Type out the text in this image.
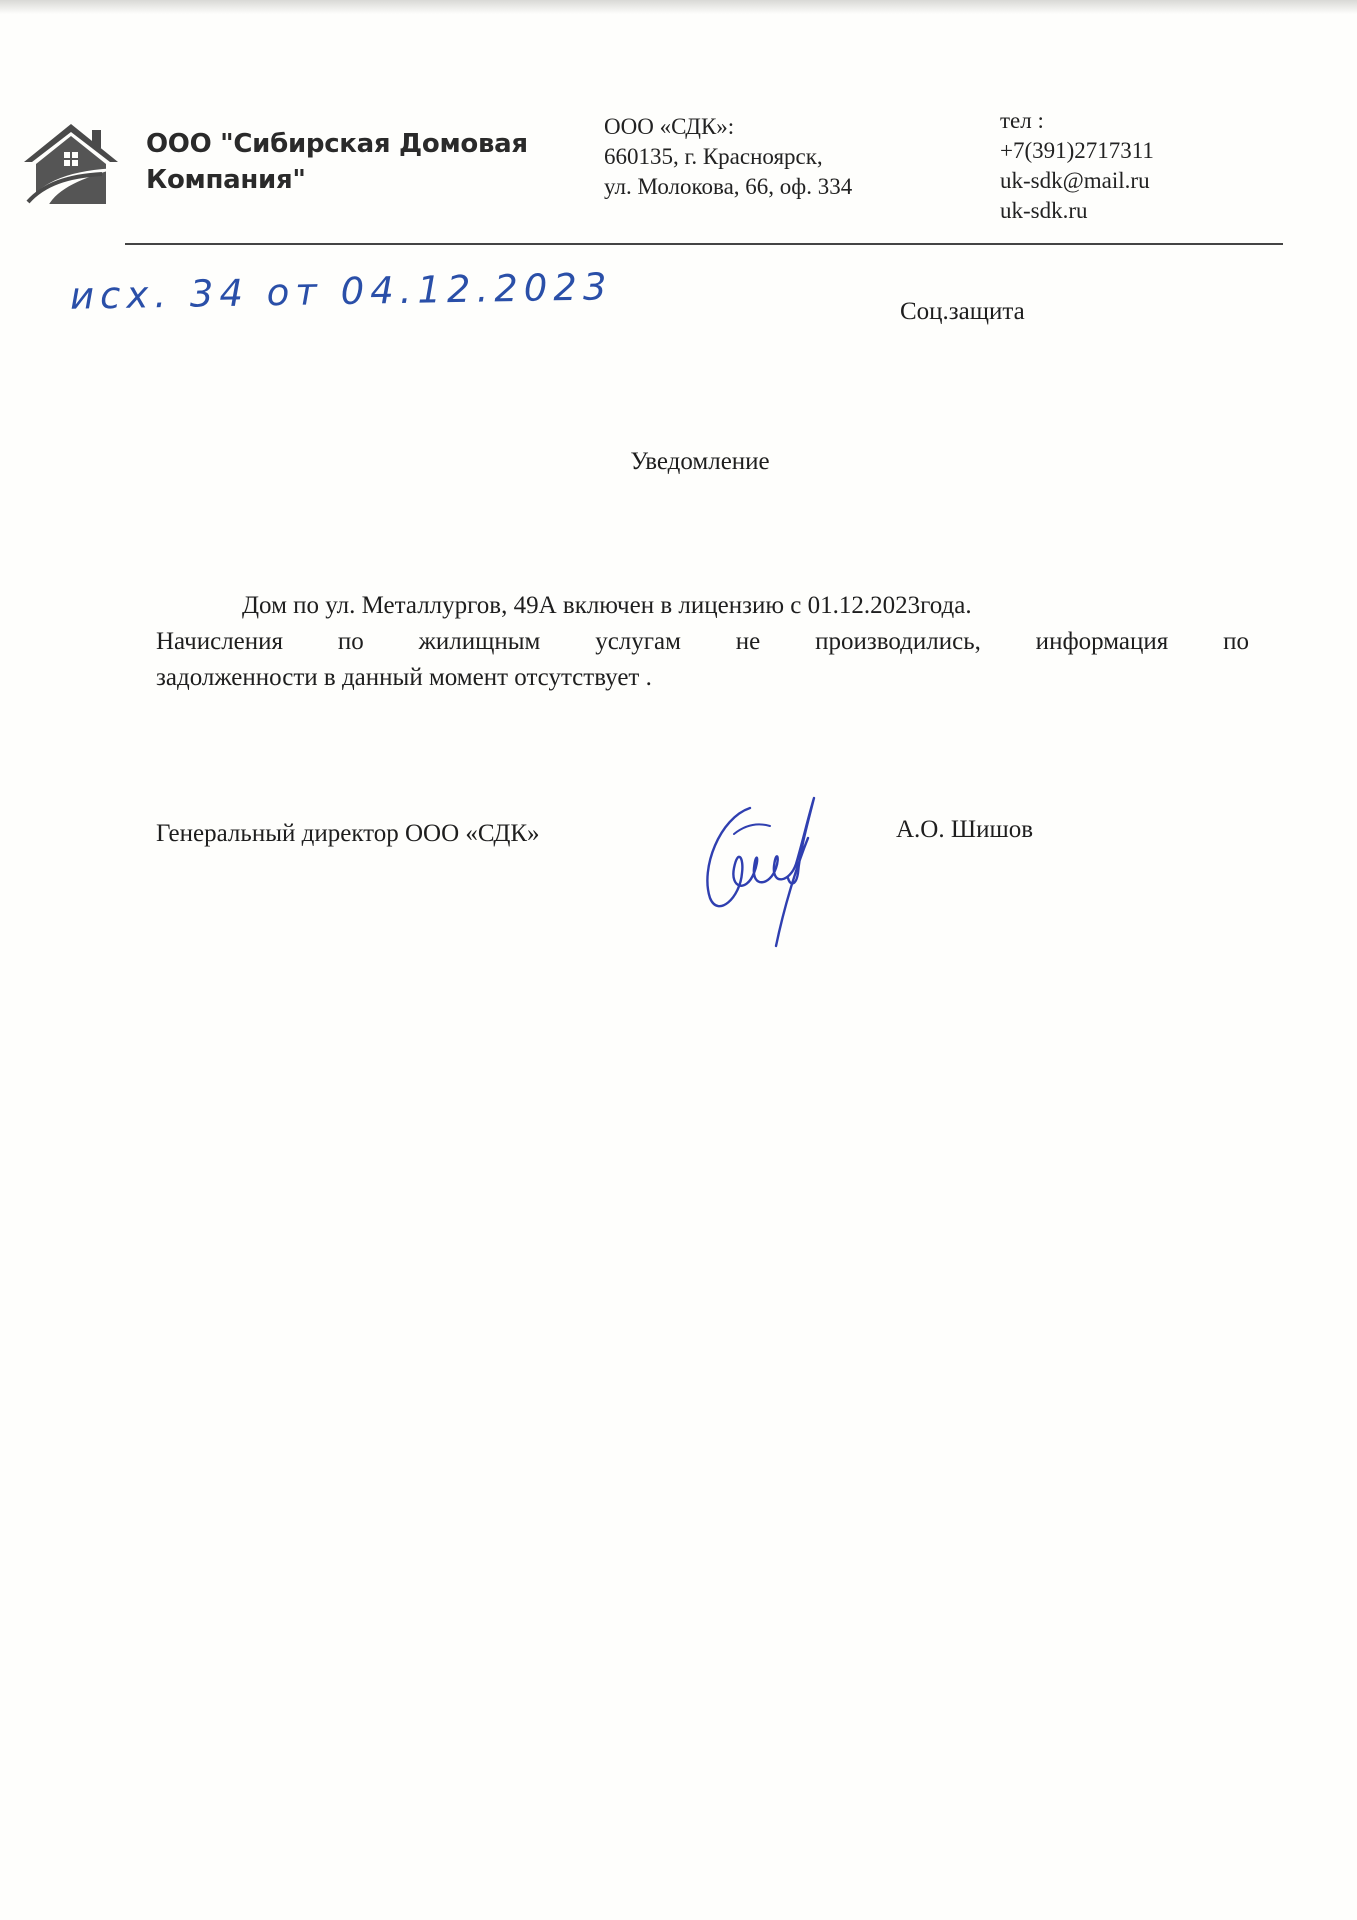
ООО "Сибирская Домовая
Компания"
ООО «СДК»:
660135, г. Красноярск,
ул. Молокова, 66, оф. 334
тел :
+7(391)2717311
uk-sdk@mail.ru
uk-sdk.ru
исх. 34 от 04.12.2023	Соц.защита
Уведомление
Дом по ул. Металлургов, 49А включен в лицензию с 01.12.2023года.
Начисления по жилищным услугам не производились, информация по
задолженности в данный момент отсутствует .
Генеральный директор ООО «СДК»	А.О. Шишов
